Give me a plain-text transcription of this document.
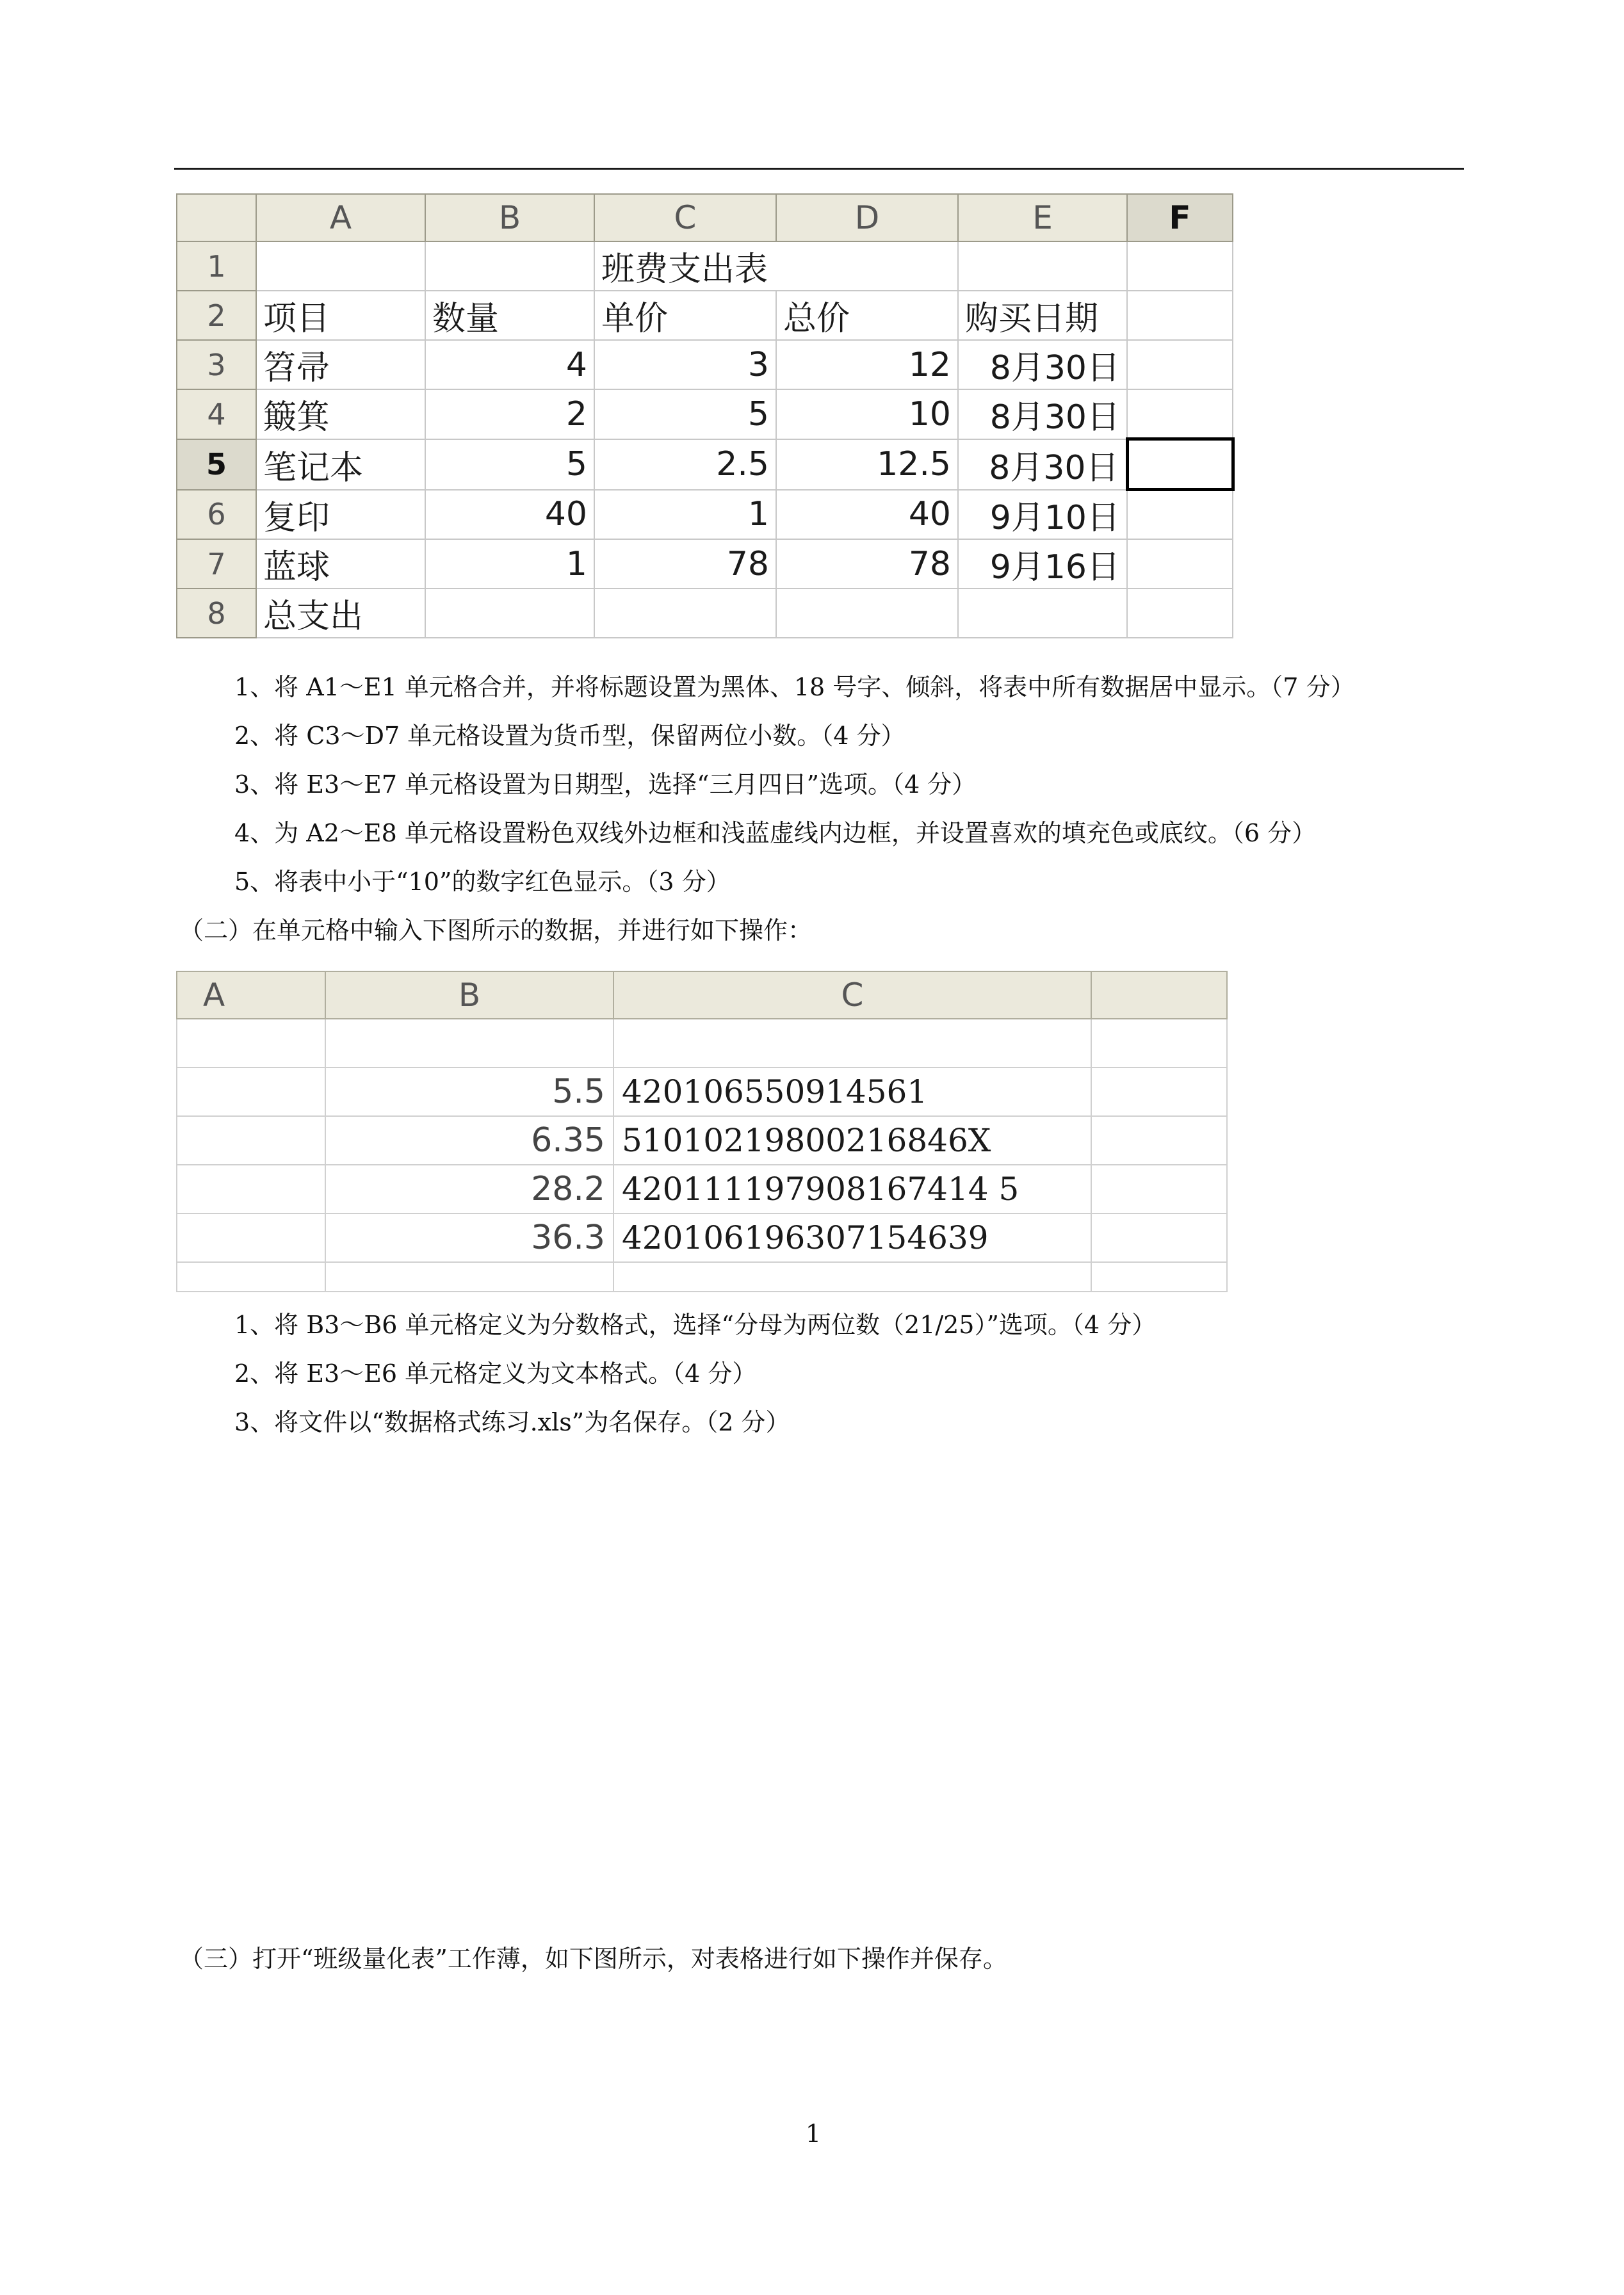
	A	B	C	D	E	F
1			班费支出表			
2	项目	数量	单价	总价	购买日期	
3	笤帚	4	3	12	8月30日	
4	簸箕	2	5	10	8月30日	
5	笔记本	5	2.5	12.5	8月30日	
6	复印	40	1	40	9月10日	
7	蓝球	1	78	78	9月16日	
8	总支出					
1、将 A1～E1 单元格合并，并将标题设置为黑体、18 号字、倾斜，将表中所有数据居中显示。（7 分）
2、将 C3～D7 单元格设置为货币型，保留两位小数。（4 分）
3、将 E3～E7 单元格设置为日期型，选择“三月四日”选项。（4 分）
4、为 A2～E8 单元格设置粉色双线外边框和浅蓝虚线内边框，并设置喜欢的填充色或底纹。（6 分）
5、将表中小于“10”的数字红色显示。（3 分）
（二）在单元格中输入下图所示的数据，并进行如下操作：
A	B	C	

	5.5	420106550914561	
	6.35	51010219800216846X	
	28.2	420111197908167414 5	
	36.3	420106196307154639	

1、将 B3～B6 单元格定义为分数格式，选择“分母为两位数（21/25）”选项。（4 分）
2、将 E3～E6 单元格定义为文本格式。（4 分）
3、将文件以“数据格式练习.xls”为名保存。（2 分）
（三）打开“班级量化表”工作薄，如下图所示，对表格进行如下操作并保存。
1
